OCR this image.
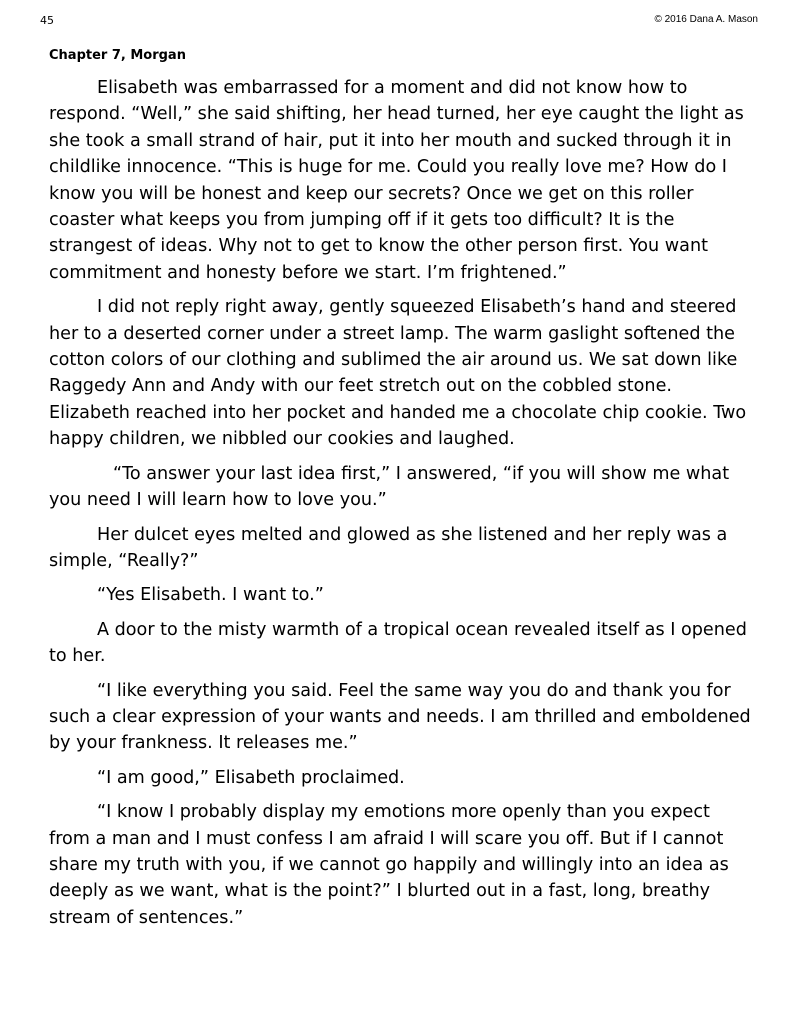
45	© 2016 Dana A. Mason
Chapter 7, Morgan

Elisabeth was embarrassed for a moment and did not know how to respond. “Well,” she said shifting, her head turned, her eye caught the light as she took a small strand of hair, put it into her mouth and sucked through it in childlike innocence. “This is huge for me. Could you really love me? How do I know you will be honest and keep our secrets? Once we get on this roller coaster what keeps you from jumping off if it gets too difficult? It is the strangest of ideas. Why not to get to know the other person first. You want commitment and honesty before we start. I’m frightened.”

I did not reply right away, gently squeezed Elisabeth’s hand and steered her to a deserted corner under a street lamp. The warm gaslight softened the cotton colors of our clothing and sublimed the air around us. We sat down like Raggedy Ann and Andy with our feet stretch out on the cobbled stone. Elizabeth reached into her pocket and handed me a chocolate chip cookie. Two happy children, we nibbled our cookies and laughed.

“To answer your last idea first,” I answered, “if you will show me what you need I will learn how to love you.”

Her dulcet eyes melted and glowed as she listened and her reply was a simple, “Really?”

“Yes Elisabeth. I want to.”

A door to the misty warmth of a tropical ocean revealed itself as I opened to her.

“I like everything you said. Feel the same way you do and thank you for such a clear expression of your wants and needs. I am thrilled and emboldened by your frankness. It releases me.”

“I am good,” Elisabeth proclaimed.

“I know I probably display my emotions more openly than you expect from a man and I must confess I am afraid I will scare you off. But if I cannot share my truth with you, if we cannot go happily and willingly into an idea as deeply as we want, what is the point?” I blurted out in a fast, long, breathy stream of sentences.”
